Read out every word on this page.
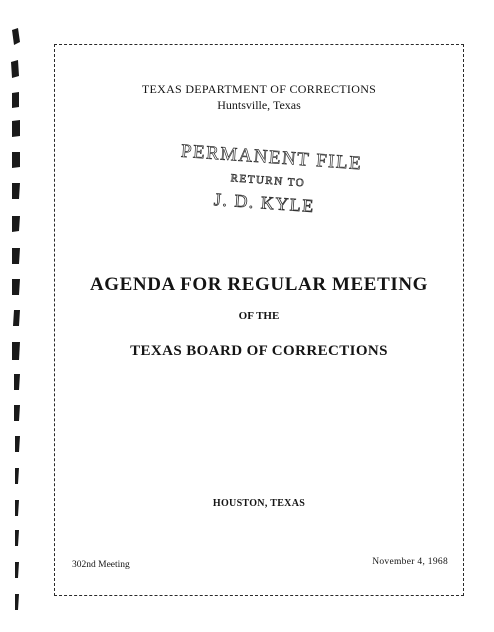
TEXAS DEPARTMENT OF CORRECTIONS
Huntsville, Texas
PERMANENT FILE
RETURN TO
J. D. KYLE
AGENDA FOR REGULAR MEETING
OF THE
TEXAS BOARD OF CORRECTIONS
HOUSTON, TEXAS
302nd Meeting	November 4, 1968
